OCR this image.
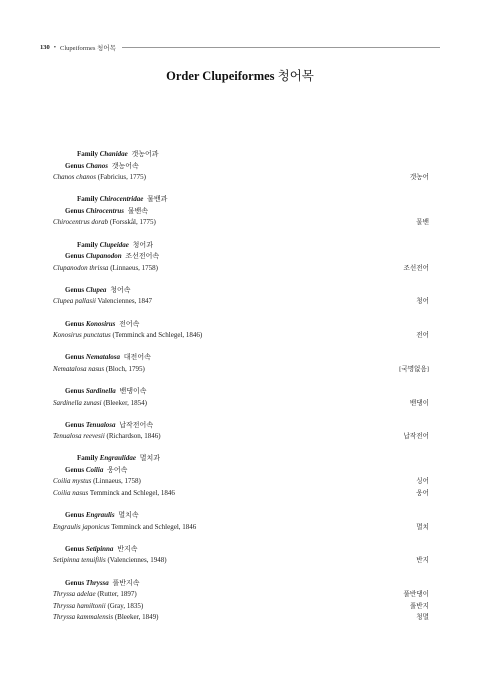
130 • Clupeiformes 청어목
Order Clupeiformes 청어목
Family Chanidae 갯농어과
Genus Chanos 갯농어속
Chanos chanos (Fabricius, 1775)	갯농어
Family Chirocentridae 물밴과
Genus Chirocentrus 물밴속
Chirocentrus dorab (Forsskål, 1775)	물밴
Family Clupeidae 청어과
Genus Clupanodon 조선전어속
Clupanodon thrissa (Linnaeus, 1758)	조선전어
Genus Clupea 청어속
Clupea pallasii Valenciennes, 1847	청어
Genus Konosirus 전어속
Konosirus punctatus (Temminck and Schlegel, 1846)	전어
Genus Nematalosa 대전어속
Nematalosa nasus (Bloch, 1795)	[국명없음]
Genus Sardinella 밴댕이속
Sardinella zunasi (Bleeker, 1854)	밴댕이
Genus Tenualosa 납작전어속
Tenualosa reevesii (Richardson, 1846)	납작전어
Family Engraulidae 멸치과
Genus Coilia 웅어속
Coilia mystus (Linnaeus, 1758)	싱어
Coilia nasus Temminck and Schlegel, 1846	웅어
Genus Engraulis 멸치속
Engraulis japonicus Temminck and Schlegel, 1846	멸치
Genus Setipinna 반지속
Setipinna tenuifilis (Valenciennes, 1948)	반지
Genus Thryssa 풀반지속
Thryssa adelae (Rutter, 1897)	풀반댕이
Thryssa hamiltonii (Gray, 1835)	풀반지
Thryssa kammalensis (Bleeker, 1849)	청멸
